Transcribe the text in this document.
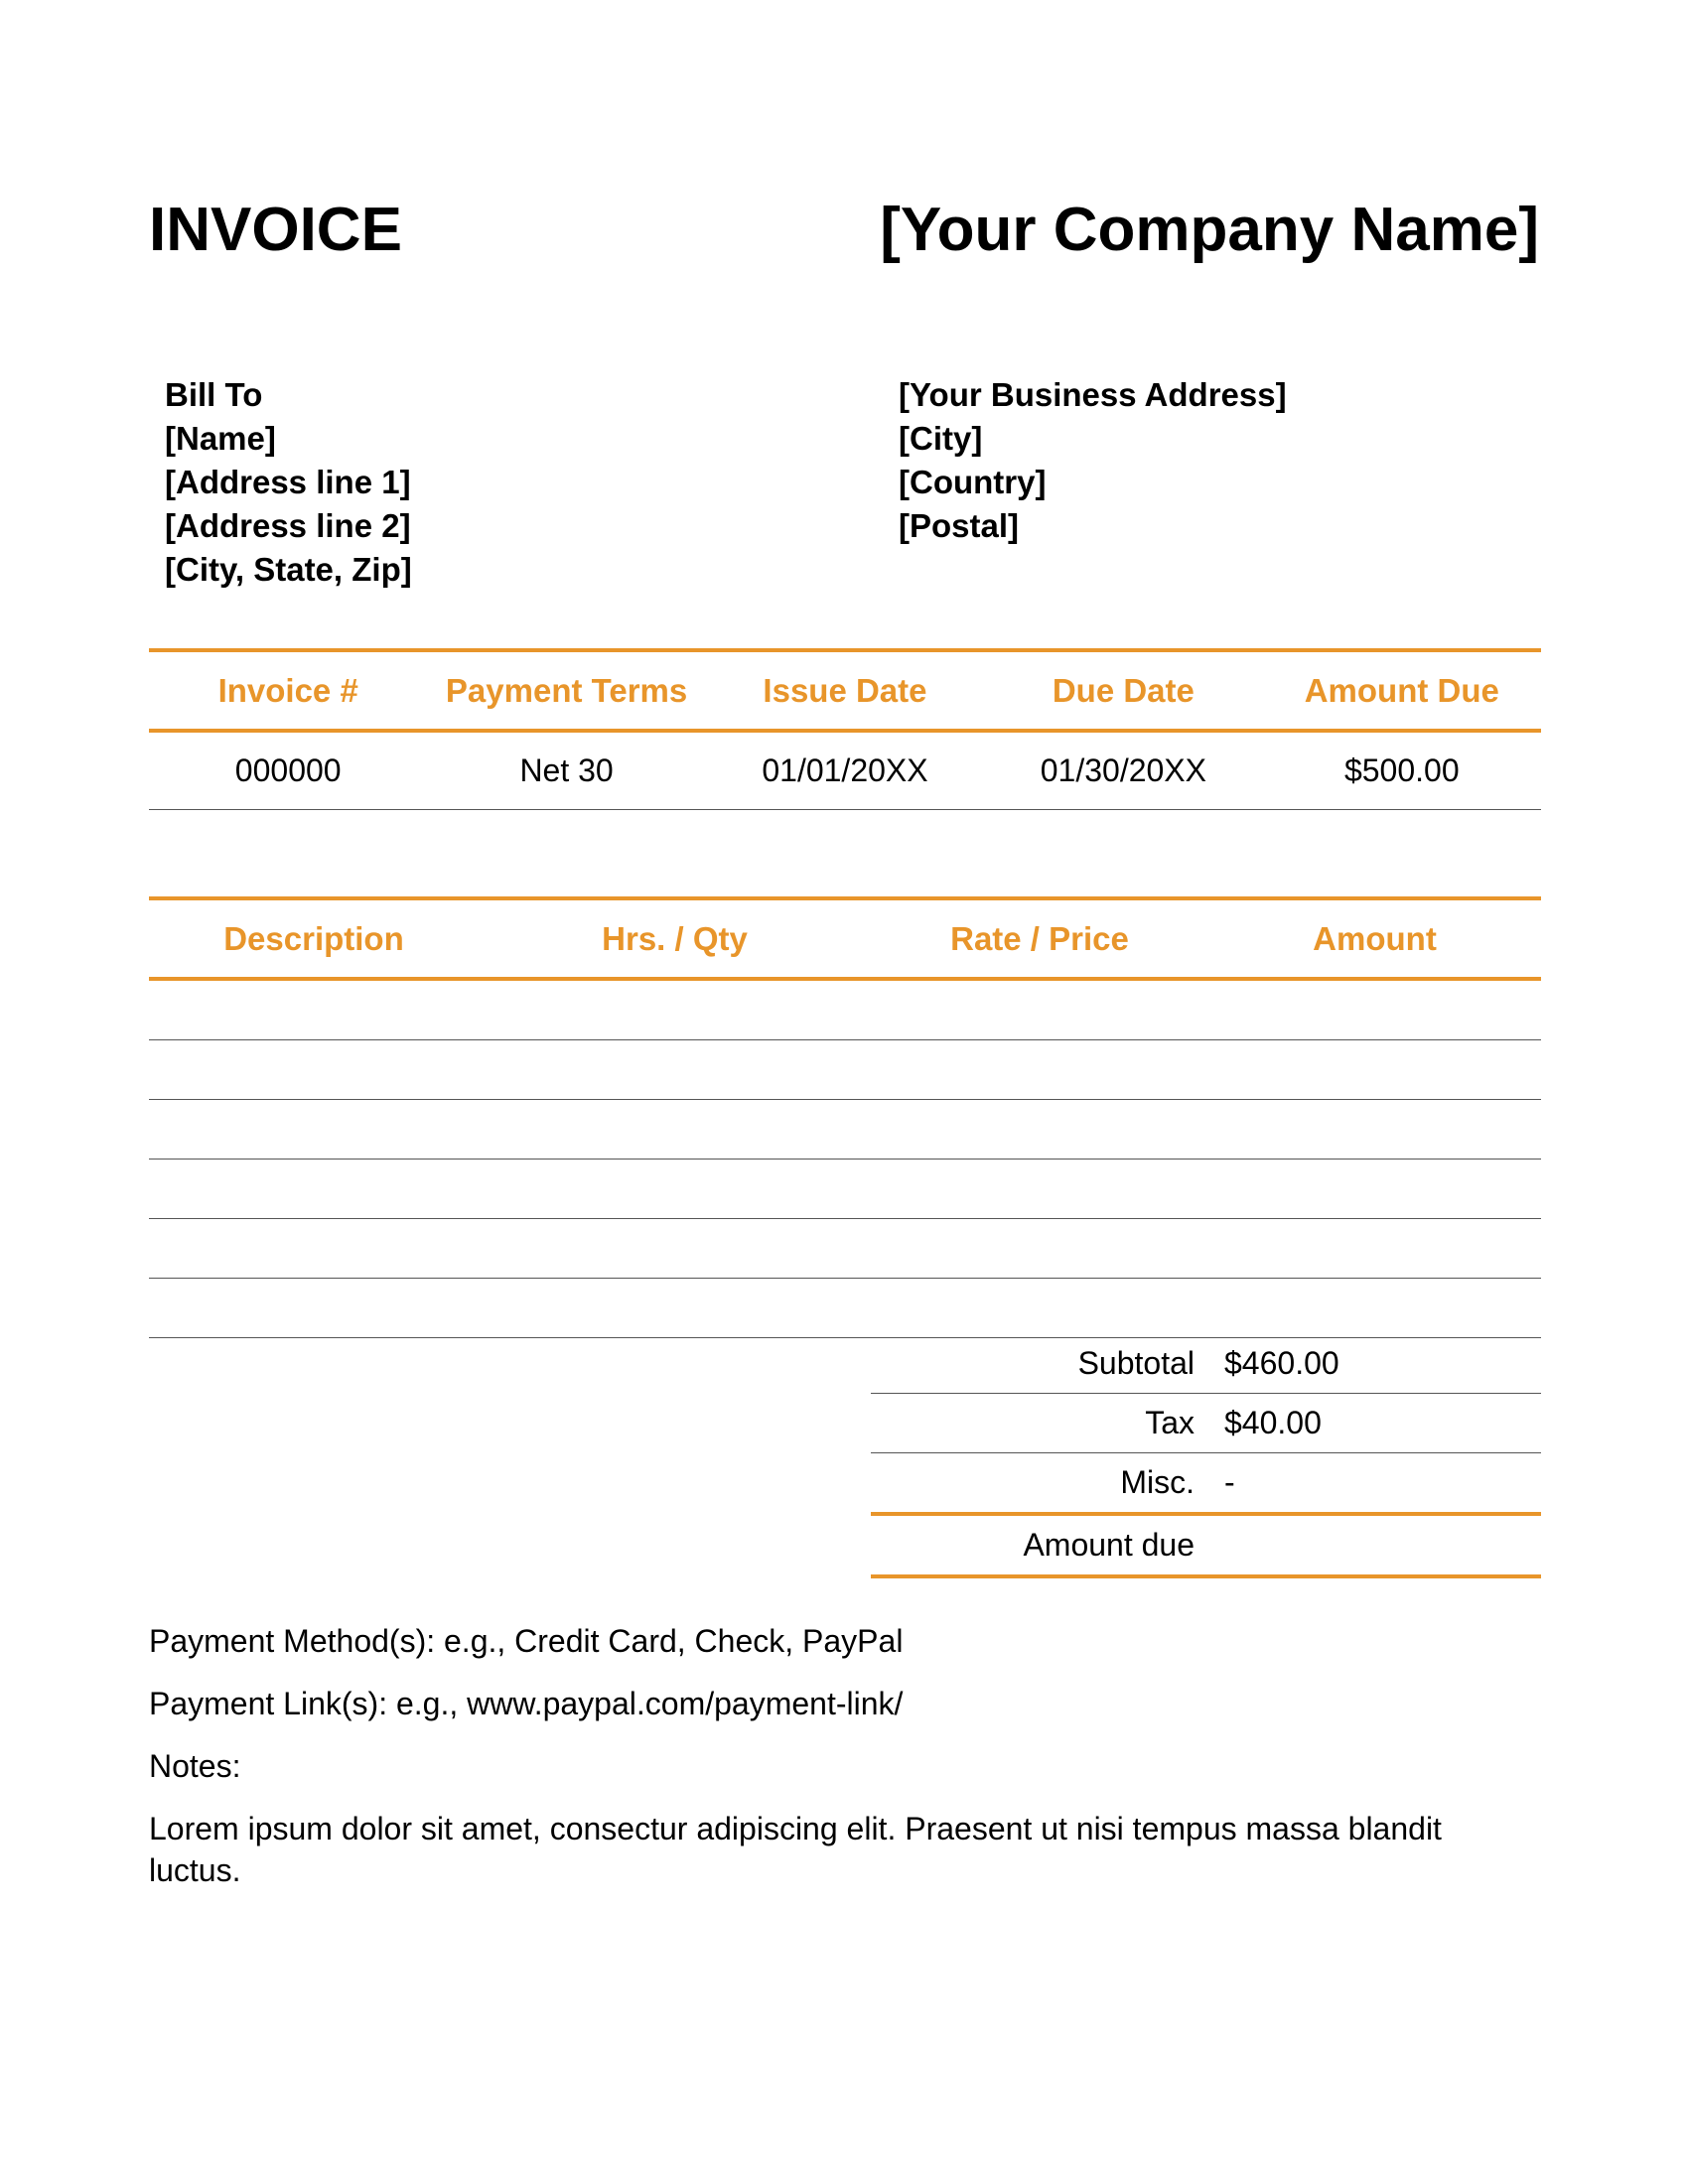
INVOICE	[Your Company Name]
Bill To
[Name]
[Address line 1]
[Address line 2]
[City, State, Zip]
[Your Business Address]
[City]
[Country]
[Postal]
Invoice #	Payment Terms	Issue Date	Due Date	Amount Due
000000	Net 30	01/01/20XX	01/30/20XX	$500.00
Description	Hrs. / Qty	Rate / Price	Amount

Subtotal $460.00
Tax $40.00
Misc. -
Amount due
Payment Method(s): e.g., Credit Card, Check, PayPal
Payment Link(s): e.g., www.paypal.com/payment-link/
Notes:
Lorem ipsum dolor sit amet, consectur adipiscing elit. Praesent ut nisi tempus massa blandit luctus.
